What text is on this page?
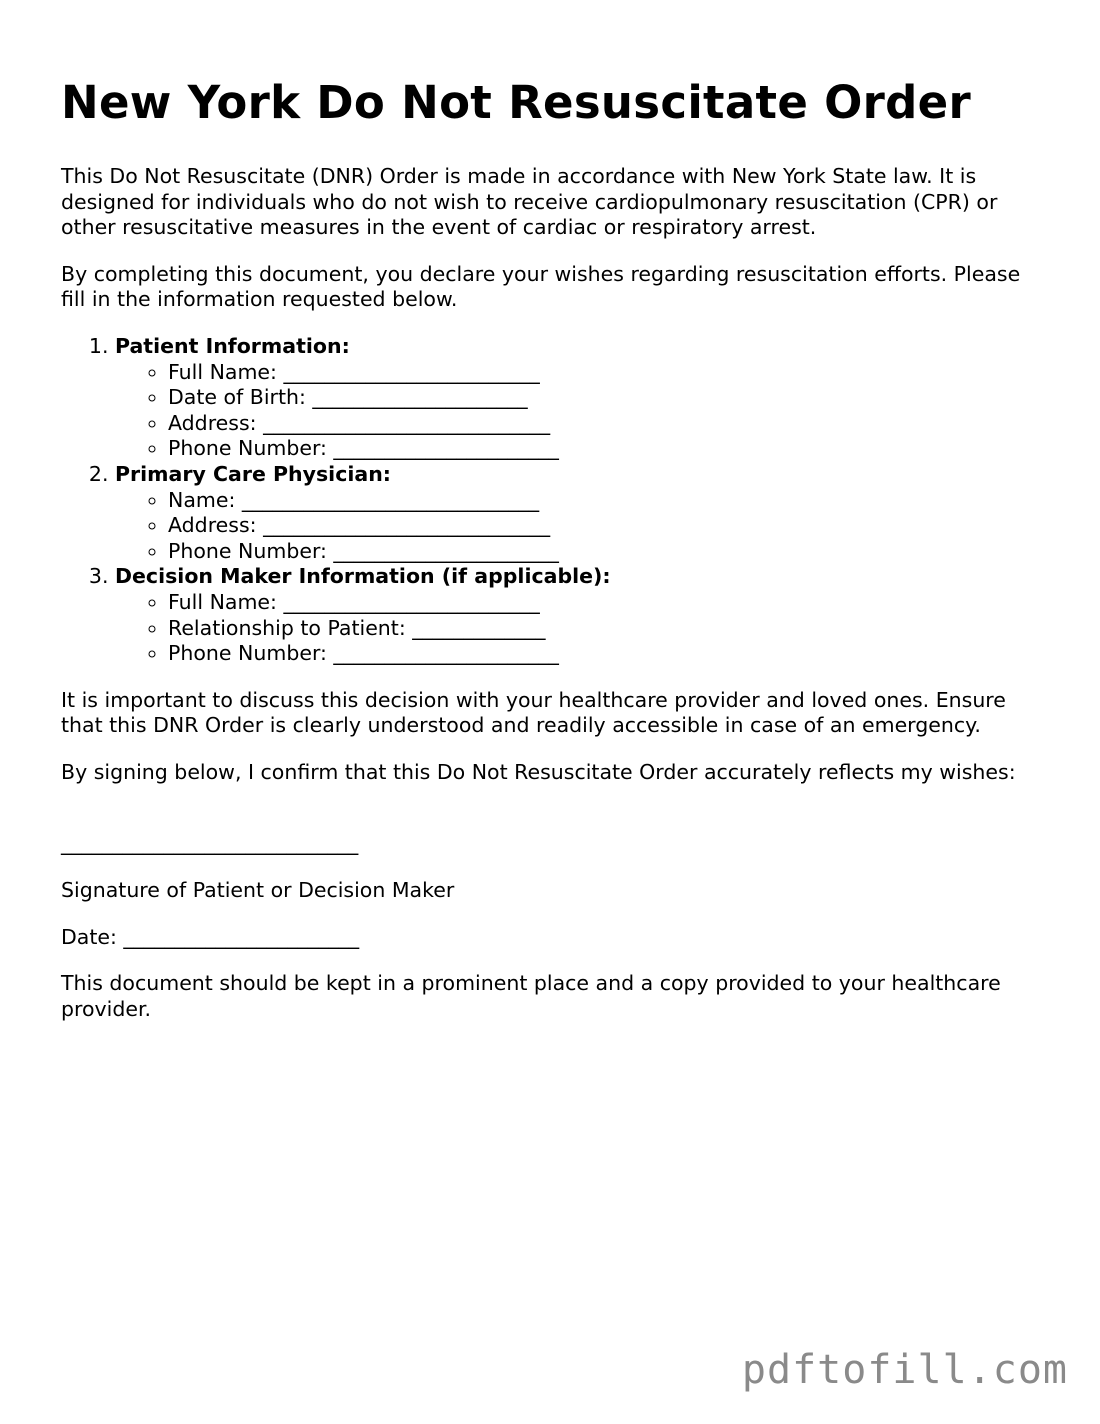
New York Do Not Resuscitate Order

This Do Not Resuscitate (DNR) Order is made in accordance with New York State law. It is designed for individuals who do not wish to receive cardiopulmonary resuscitation (CPR) or other resuscitative measures in the event of cardiac or respiratory arrest.

By completing this document, you declare your wishes regarding resuscitation efforts. Please fill in the information requested below.

1. Patient Information:
◦ Full Name: _________________________
◦ Date of Birth: _____________________
◦ Address: ____________________________
◦ Phone Number: ______________________
2. Primary Care Physician:
◦ Name: _____________________________
◦ Address: ____________________________
◦ Phone Number: ______________________
3. Decision Maker Information (if applicable):
◦ Full Name: _________________________
◦ Relationship to Patient: _____________
◦ Phone Number: ______________________

It is important to discuss this decision with your healthcare provider and loved ones. Ensure that this DNR Order is clearly understood and readily accessible in case of an emergency.

By signing below, I confirm that this Do Not Resuscitate Order accurately reflects my wishes:

_____________________________

Signature of Patient or Decision Maker

Date: _______________________

This document should be kept in a prominent place and a copy provided to your healthcare provider.

pdftofill.com
